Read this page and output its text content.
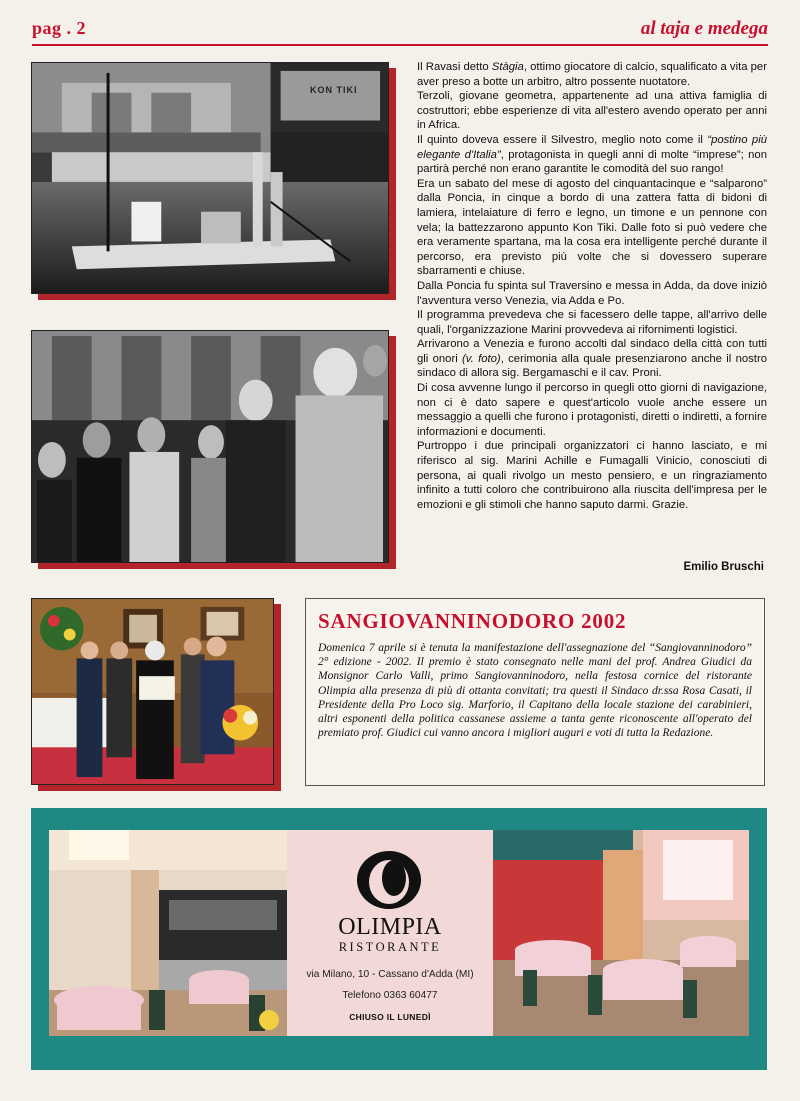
pag . 2	al taja e medega
KON TIKI

Il Ravasi detto Stàgia, ottimo giocatore di calcio, squalificato a vita per aver preso a botte un arbitro, altro possente nuotatore.

Terzoli, giovane geometra, appartenente ad una attiva famiglia di costruttori; ebbe esperienze di vita all'estero avendo operato per anni in Africa.

Il quinto doveva essere il Silvestro, meglio noto come il “postino più elegante d'Italia”, protagonista in quegli anni di molte “imprese”; non partirà perché non erano garantite le comodità del suo rango!

Era un sabato del mese di agosto del cinquantacinque e “salparono” dalla Poncia, in cinque a bordo di una zattera fatta di bidoni di lamiera, intelaiature di ferro e legno, un timone e un pennone con vela; la battezzarono appunto Kon Tiki. Dalle foto si può vedere che era veramente spartana, ma la cosa era intelligente perché durante il percorso, era previsto più volte che si dovessero superare sbarramenti e chiuse.

Dalla Poncia fu spinta sul Traversino e messa in Adda, da dove iniziò l'avventura verso Venezia, via Adda e Po.

Il programma prevedeva che si facessero delle tappe, all'arrivo delle quali, l'organizzazione Marini provvedeva ai rifornimenti logistici.

Arrivarono a Venezia e furono accolti dal sindaco della città con tutti gli onori (v. foto), cerimonia alla quale presenziarono anche il nostro sindaco di allora sig. Bergamaschi e il cav. Proni.

Di cosa avvenne lungo il percorso in quegli otto giorni di navigazione, non ci è dato sapere e quest'articolo vuole anche essere un messaggio a quelli che furono i protagonisti, diretti o indiretti, a fornire informazioni e documenti.

Purtroppo i due principali organizzatori ci hanno lasciato, e mi riferisco al sig. Marini Achille e Fumagalli Vinicio, conosciuti di persona, ai quali rivolgo un mesto pensiero, e un ringraziamento infinito a tutti coloro che contribuirono alla riuscita dell'impresa per le emozioni e gli stimoli che hanno saputo darmi. Grazie.

Emilio Bruschi
SANGIOVANNINODORO 2002
Domenica 7 aprile si è tenuta la manifestazione dell'assegnazione del “Sangiovanninodoro” 2° edizione - 2002. Il premio è stato consegnato nelle mani del prof. Andrea Giudici da Monsignor Carlo Valli, primo Sangiovanninodoro, nella festosa cornice del ristorante Olimpia alla presenza di più di ottanta convitati; tra questi il Sindaco dr.ssa Rosa Casati, il Presidente della Pro Loco sig. Marforio, il Capitano della locale stazione dei carabinieri, altri esponenti della politica cassanese assieme a tanta gente riconoscente all'operato del premiato prof. Giudici cui vanno ancora i migliori auguri e voti di tutta la Redazione.
OLIMPIA
RISTORANTE
via Milano, 10 - Cassano d'Adda (MI)
Telefono 0363 60477
CHIUSO IL LUNEDÌ
